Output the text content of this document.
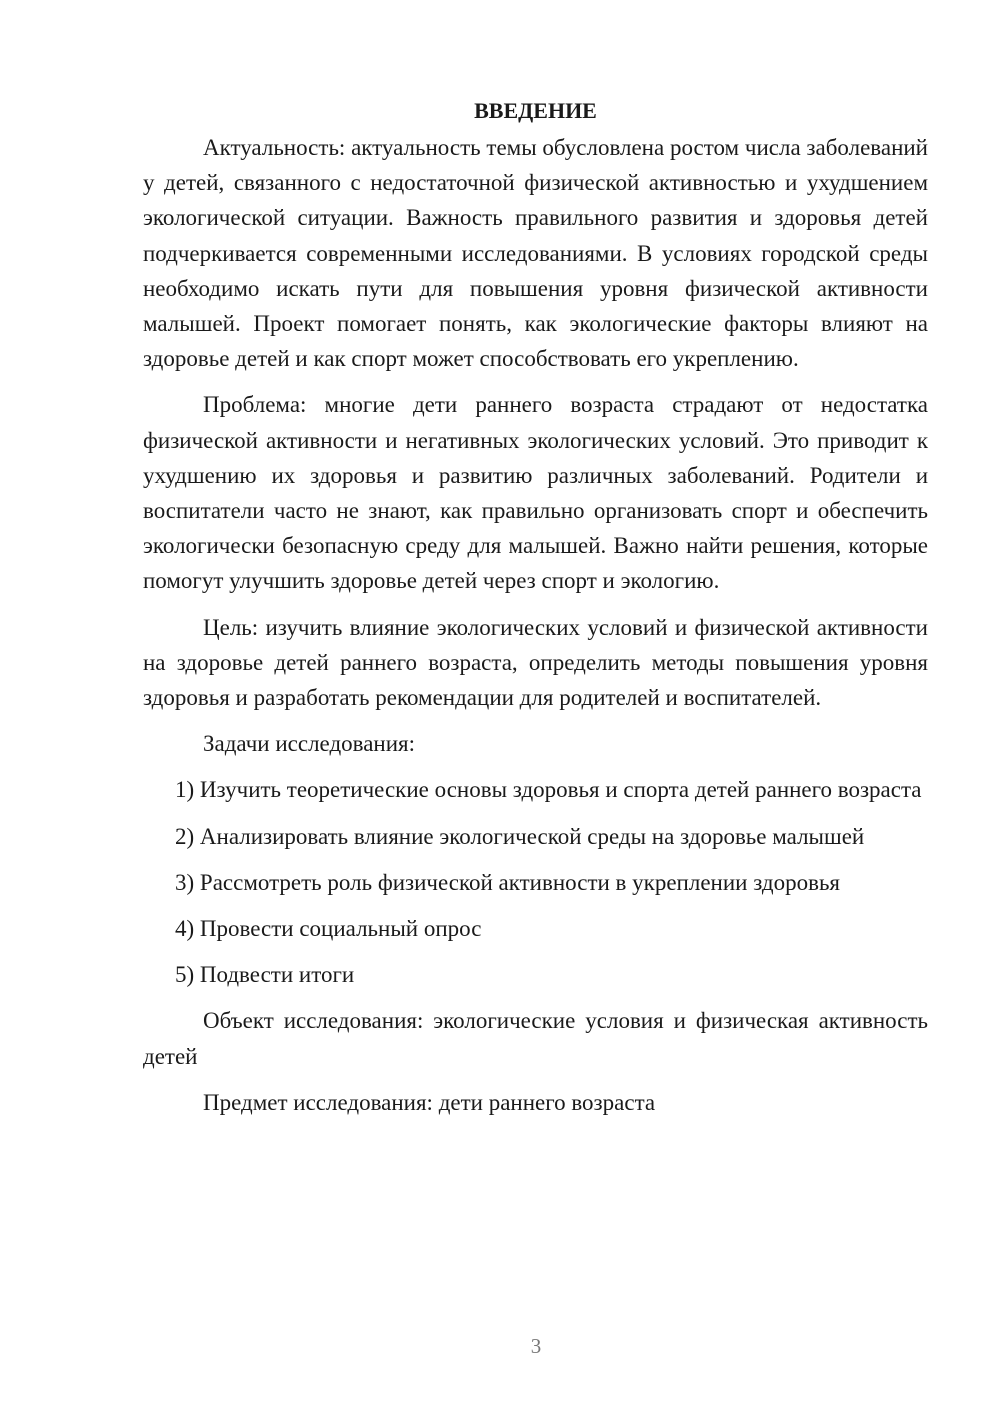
ВВЕДЕНИЕ

Актуальность: актуальность темы обусловлена ростом числа заболеваний у детей, связанного с недостаточной физической активностью и ухудшением экологической ситуации. Важность правильного развития и здоровья детей подчеркивается современными исследованиями. В условиях городской среды необходимо искать пути для повышения уровня физической активности малышей. Проект помогает понять, как экологические факторы влияют на здоровье детей и как спорт может способствовать его укреплению.

Проблема: многие дети раннего возраста страдают от недостатка физической активности и негативных экологических условий. Это приводит к ухудшению их здоровья и развитию различных заболеваний. Родители и воспитатели часто не знают, как правильно организовать спорт и обеспечить экологически безопасную среду для малышей. Важно найти решения, которые помогут улучшить здоровье детей через спорт и экологию.

Цель: изучить влияние экологических условий и физической активности на здоровье детей раннего возраста, определить методы повышения уровня здоровья и разработать рекомендации для родителей и воспитателей.

Задачи исследования:

1) Изучить теоретические основы здоровья и спорта детей раннего возраста

2) Анализировать влияние экологической среды на здоровье малышей

3) Рассмотреть роль физической активности в укреплении здоровья

4) Провести социальный опрос

5) Подвести итоги

Объект исследования: экологические условия и физическая активность детей

Предмет исследования: дети раннего возраста

3
